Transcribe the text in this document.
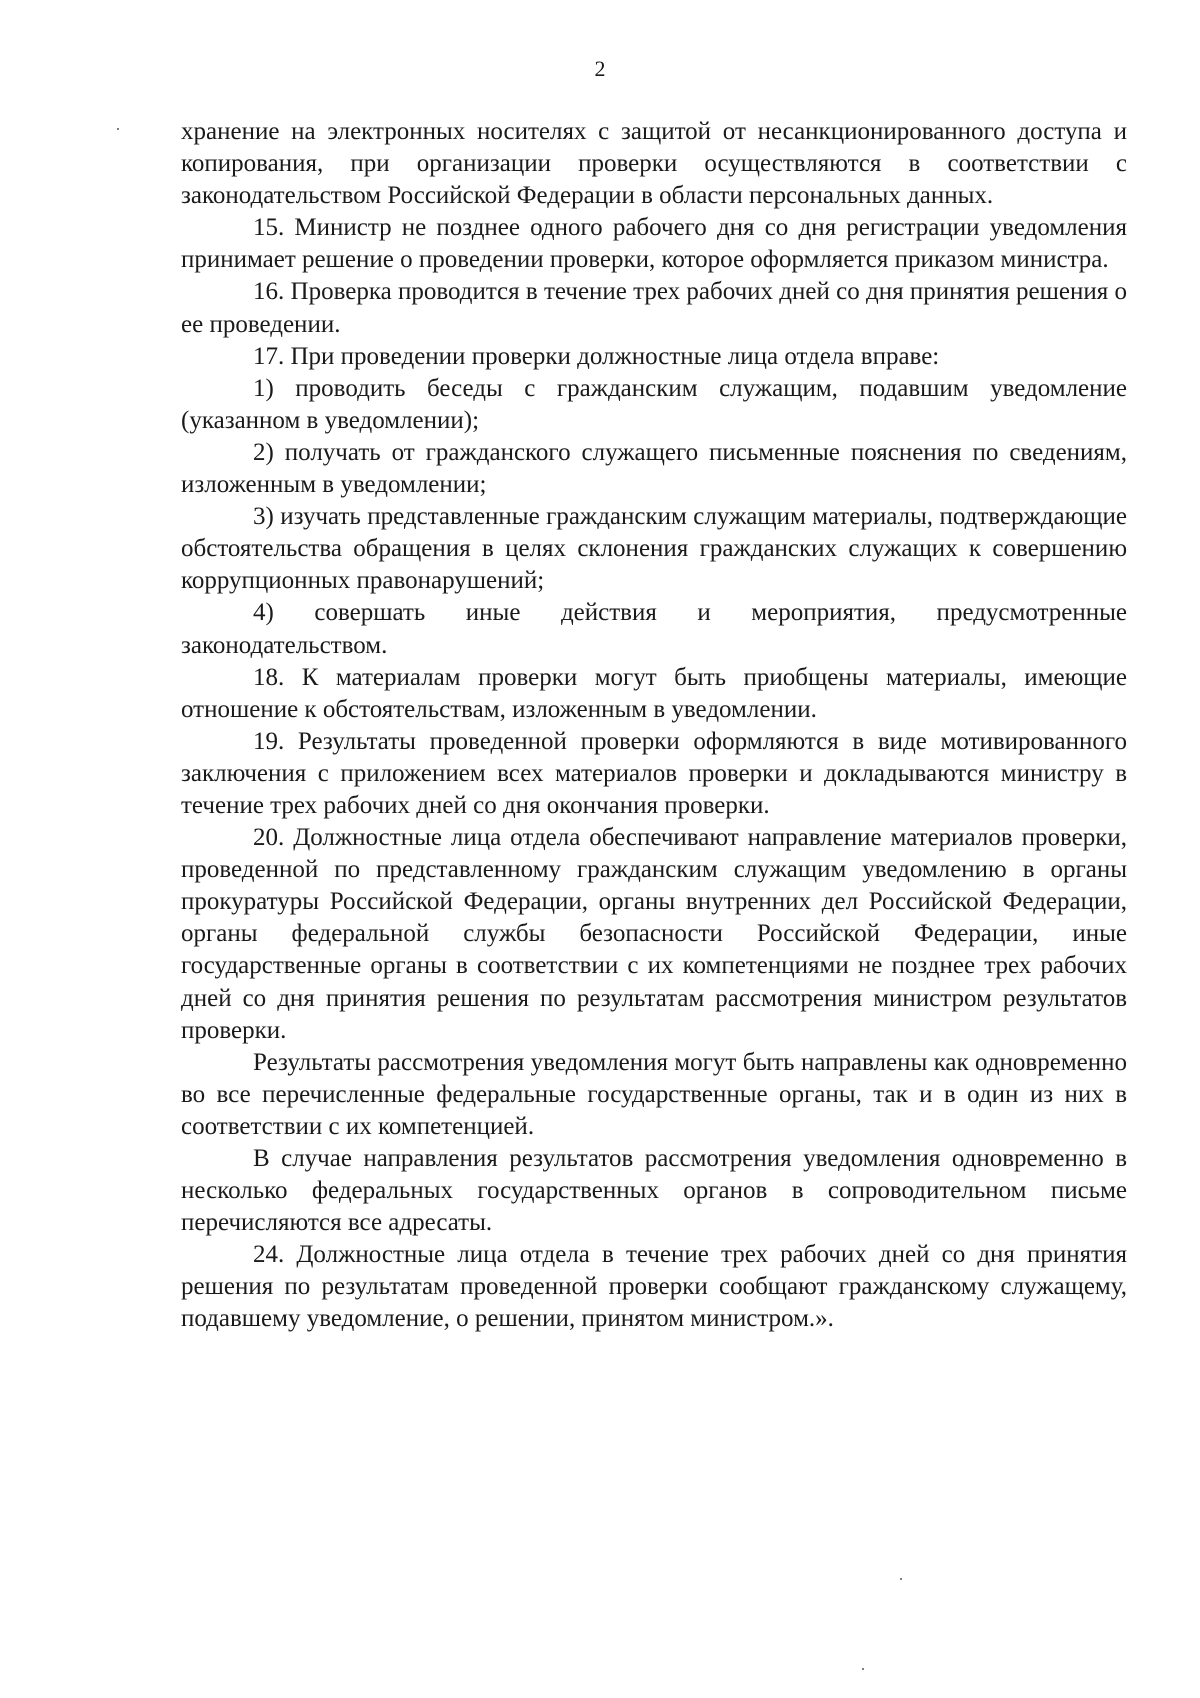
2

хранение на электронных носителях с защитой от несанкционированного доступа и копирования, при организации проверки осуществляются в соответствии с законодательством Российской Федерации в области персональных данных.

15. Министр не позднее одного рабочего дня со дня регистрации уведомления принимает решение о проведении проверки, которое оформляется приказом министра.

16. Проверка проводится в течение трех рабочих дней со дня принятия решения о ее проведении.

17. При проведении проверки должностные лица отдела вправе:

1) проводить беседы с гражданским служащим, подавшим уведомление (указанном в уведомлении);

2) получать от гражданского служащего письменные пояснения по сведениям, изложенным в уведомлении;

3) изучать представленные гражданским служащим материалы, подтверждающие обстоятельства обращения в целях склонения гражданских служащих к совершению коррупционных правонарушений;

4) совершать иные действия и мероприятия, предусмотренные законодательством.

18. К материалам проверки могут быть приобщены материалы, имеющие отношение к обстоятельствам, изложенным в уведомлении.

19. Результаты проведенной проверки оформляются в виде мотивированного заключения с приложением всех материалов проверки и докладываются министру в течение трех рабочих дней со дня окончания проверки.

20. Должностные лица отдела обеспечивают направление материалов проверки, проведенной по представленному гражданским служащим уведомлению в органы прокуратуры Российской Федерации, органы внутренних дел Российской Федерации, органы федеральной службы безопасности Российской Федерации, иные государственные органы в соответствии с их компетенциями не позднее трех рабочих дней со дня принятия решения по результатам рассмотрения министром результатов проверки.

Результаты рассмотрения уведомления могут быть направлены как одновременно во все перечисленные федеральные государственные органы, так и в один из них в соответствии с их компетенцией.

В случае направления результатов рассмотрения уведомления одновременно в несколько федеральных государственных органов в сопроводительном письме перечисляются все адресаты.

24. Должностные лица отдела в течение трех рабочих дней со дня принятия решения по результатам проведенной проверки сообщают гражданскому служащему, подавшему уведомление, о решении, принятом министром.».
